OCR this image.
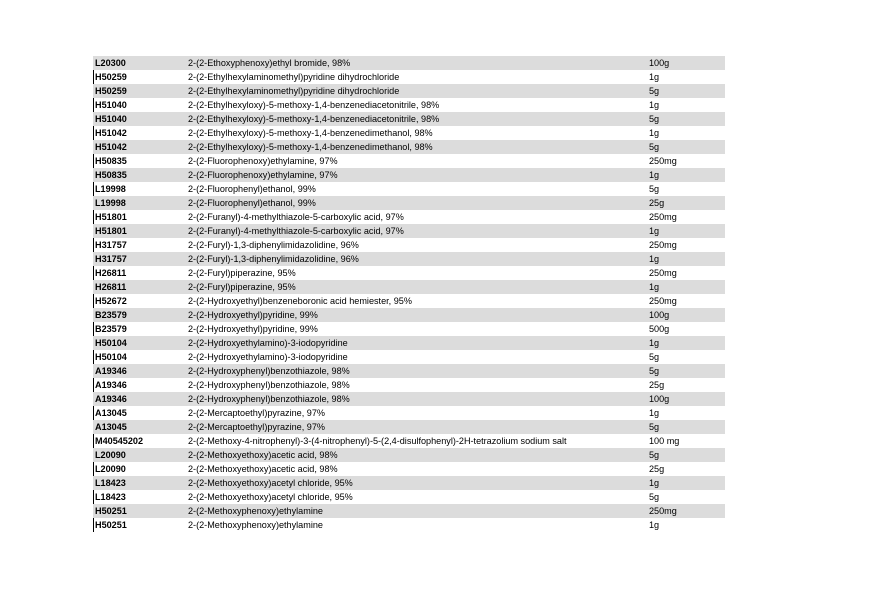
L20300	2-(2-Ethoxyphenoxy)ethyl bromide, 98%	100g
H50259	2-(2-Ethylhexylaminomethyl)pyridine dihydrochloride	1g
H50259	2-(2-Ethylhexylaminomethyl)pyridine dihydrochloride	5g
H51040	2-(2-Ethylhexyloxy)-5-methoxy-1,4-benzenediacetonitrile, 98%	1g
H51040	2-(2-Ethylhexyloxy)-5-methoxy-1,4-benzenediacetonitrile, 98%	5g
H51042	2-(2-Ethylhexyloxy)-5-methoxy-1,4-benzenedimethanol, 98%	1g
H51042	2-(2-Ethylhexyloxy)-5-methoxy-1,4-benzenedimethanol, 98%	5g
H50835	2-(2-Fluorophenoxy)ethylamine, 97%	250mg
H50835	2-(2-Fluorophenoxy)ethylamine, 97%	1g
L19998	2-(2-Fluorophenyl)ethanol, 99%	5g
L19998	2-(2-Fluorophenyl)ethanol, 99%	25g
H51801	2-(2-Furanyl)-4-methylthiazole-5-carboxylic acid, 97%	250mg
H51801	2-(2-Furanyl)-4-methylthiazole-5-carboxylic acid, 97%	1g
H31757	2-(2-Furyl)-1,3-diphenylimidazolidine, 96%	250mg
H31757	2-(2-Furyl)-1,3-diphenylimidazolidine, 96%	1g
H26811	2-(2-Furyl)piperazine, 95%	250mg
H26811	2-(2-Furyl)piperazine, 95%	1g
H52672	2-(2-Hydroxyethyl)benzeneboronic acid hemiester, 95%	250mg
B23579	2-(2-Hydroxyethyl)pyridine, 99%	100g
B23579	2-(2-Hydroxyethyl)pyridine, 99%	500g
H50104	2-(2-Hydroxyethylamino)-3-iodopyridine	1g
H50104	2-(2-Hydroxyethylamino)-3-iodopyridine	5g
A19346	2-(2-Hydroxyphenyl)benzothiazole, 98%	5g
A19346	2-(2-Hydroxyphenyl)benzothiazole, 98%	25g
A19346	2-(2-Hydroxyphenyl)benzothiazole, 98%	100g
A13045	2-(2-Mercaptoethyl)pyrazine, 97%	1g
A13045	2-(2-Mercaptoethyl)pyrazine, 97%	5g
M40545202	2-(2-Methoxy-4-nitrophenyl)-3-(4-nitrophenyl)-5-(2,4-disulfophenyl)-2H-tetrazolium sodium salt	100 mg
L20090	2-(2-Methoxyethoxy)acetic acid, 98%	5g
L20090	2-(2-Methoxyethoxy)acetic acid, 98%	25g
L18423	2-(2-Methoxyethoxy)acetyl chloride, 95%	1g
L18423	2-(2-Methoxyethoxy)acetyl chloride, 95%	5g
H50251	2-(2-Methoxyphenoxy)ethylamine	250mg
H50251	2-(2-Methoxyphenoxy)ethylamine	1g
